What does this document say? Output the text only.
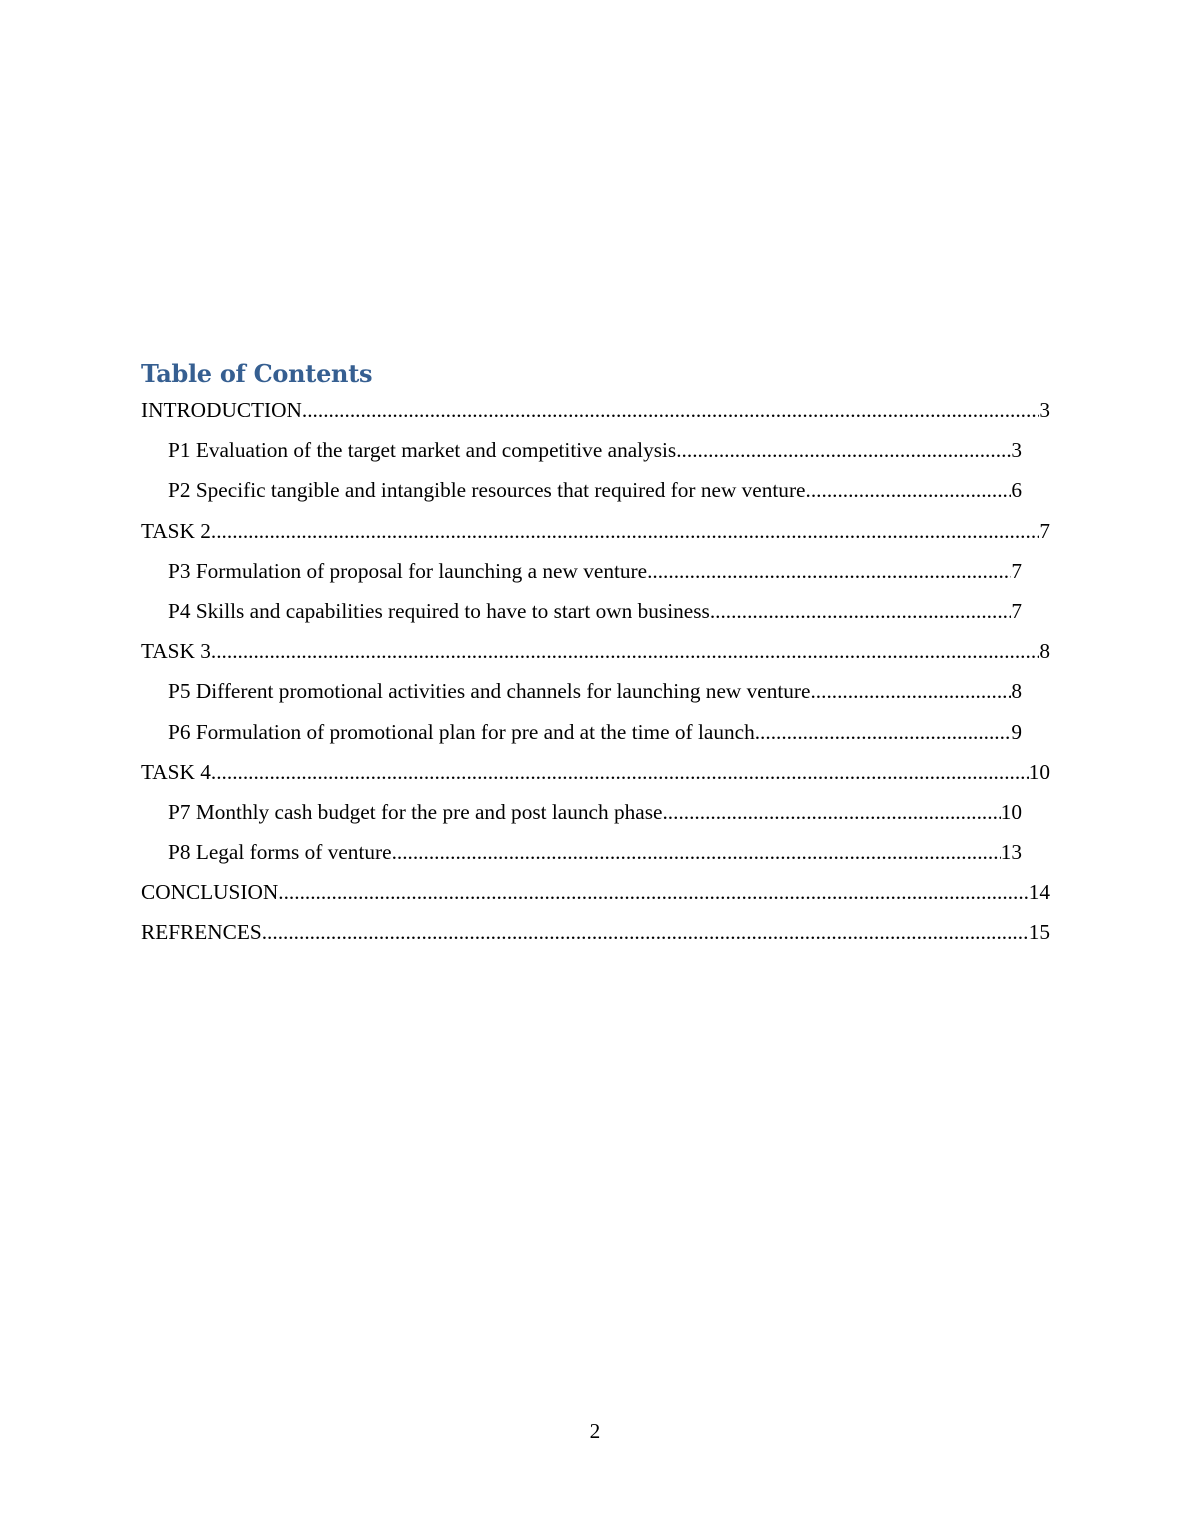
Table of Contents
INTRODUCTION .....	3
P1 Evaluation of the target market and competitive analysis .....	3
P2 Specific tangible and intangible resources that required for new venture .....	6
TASK 2 .....	7
P3 Formulation of proposal for launching a new venture .....	7
P4 Skills and capabilities required to have to start own business .....	7
TASK 3 .....	8
P5 Different promotional activities and channels for launching new venture .....	8
P6 Formulation of promotional plan for pre and at the time of launch .....	9
TASK 4 .....	10
P7 Monthly cash budget for the pre and post launch phase .....	10
P8 Legal forms of venture .....	13
CONCLUSION .....	14
REFRENCES .....	15
2
